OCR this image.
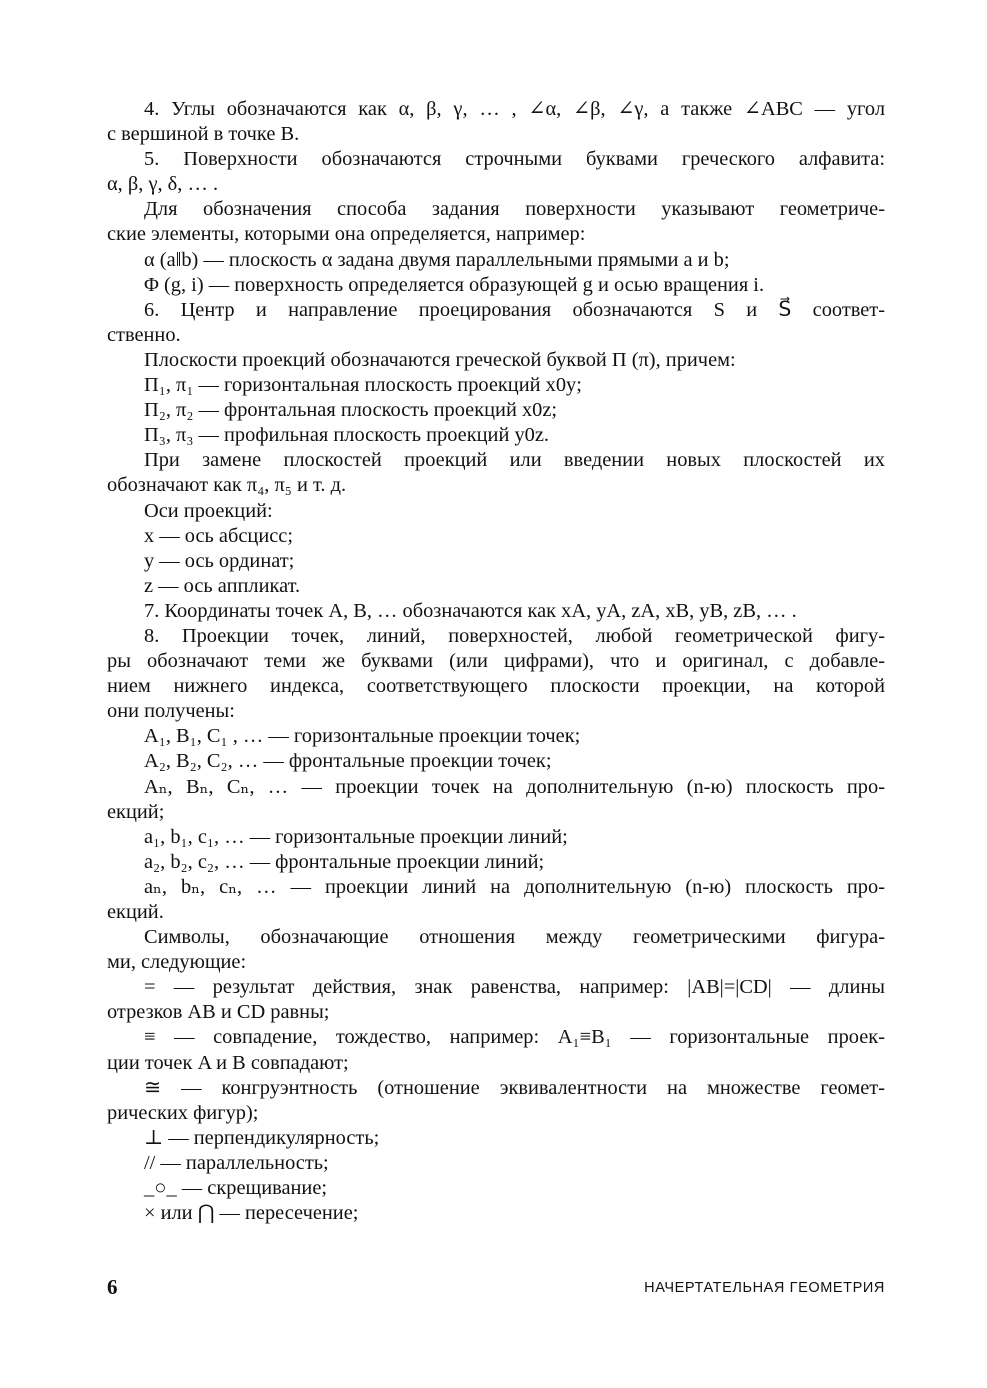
4. Углы обозначаются как α, β, γ, … , ∠α, ∠β, ∠γ, а также ∠ABC — угол
с вершиной в точке B.
5. Поверхности обозначаются строчными буквами греческого алфавита:
α, β, γ, δ, … .
Для обозначения способа задания поверхности указывают геометриче-
ские элементы, которыми она определяется, например:
α (a‖b) — плоскость α задана двумя параллельными прямыми a и b;
Φ (g, i) — поверхность определяется образующей g и осью вращения i.
6. Центр и направление проецирования обозначаются S и S⃗ соответ-
ственно.
Плоскости проекций обозначаются греческой буквой Π (π), причем:
Π₁, π₁ — горизонтальная плоскость проекций x0y;
Π₂, π₂ — фронтальная плоскость проекций x0z;
Π₃, π₃ — профильная плоскость проекций y0z.
При замене плоскостей проекций или введении новых плоскостей их
обозначают как π₄, π₅ и т. д.
Оси проекций:
x — ось абсцисс;
y — ось ординат;
z — ось аппликат.
7. Координаты точек A, B, … обозначаются как xA, yA, zA, xB, yB, zB, … .
8. Проекции точек, линий, поверхностей, любой геометрической фигу-
ры обозначают теми же буквами (или цифрами), что и оригинал, с добавле-
нием нижнего индекса, соответствующего плоскости проекции, на которой
они получены:
A₁, B₁, C₁ , … — горизонтальные проекции точек;
A₂, B₂, C₂, … — фронтальные проекции точек;
Aₙ, Bₙ, Cₙ, … — проекции точек на дополнительную (n-ю) плоскость про-
екций;
a₁, b₁, c₁, … — горизонтальные проекции линий;
a₂, b₂, c₂, … — фронтальные проекции линий;
aₙ, bₙ, cₙ, … — проекции линий на дополнительную (n-ю) плоскость про-
екций.
Символы, обозначающие отношения между геометрическими фигура-
ми, следующие:
= — результат действия, знак равенства, например: |AB|=|CD| — длины
отрезков AB и CD равны;
≡ — совпадение, тождество, например: A₁≡B₁ — горизонтальные проек-
ции точек A и B совпадают;
≅ — конгруэнтность (отношение эквивалентности на множестве геомет-
рических фигур);
⊥ — перпендикулярность;
// — параллельность;
_○_ — скрещивание;
× или ⋂ — пересечение;
6	НАЧЕРТАТЕЛЬНАЯ ГЕОМЕТРИЯ
